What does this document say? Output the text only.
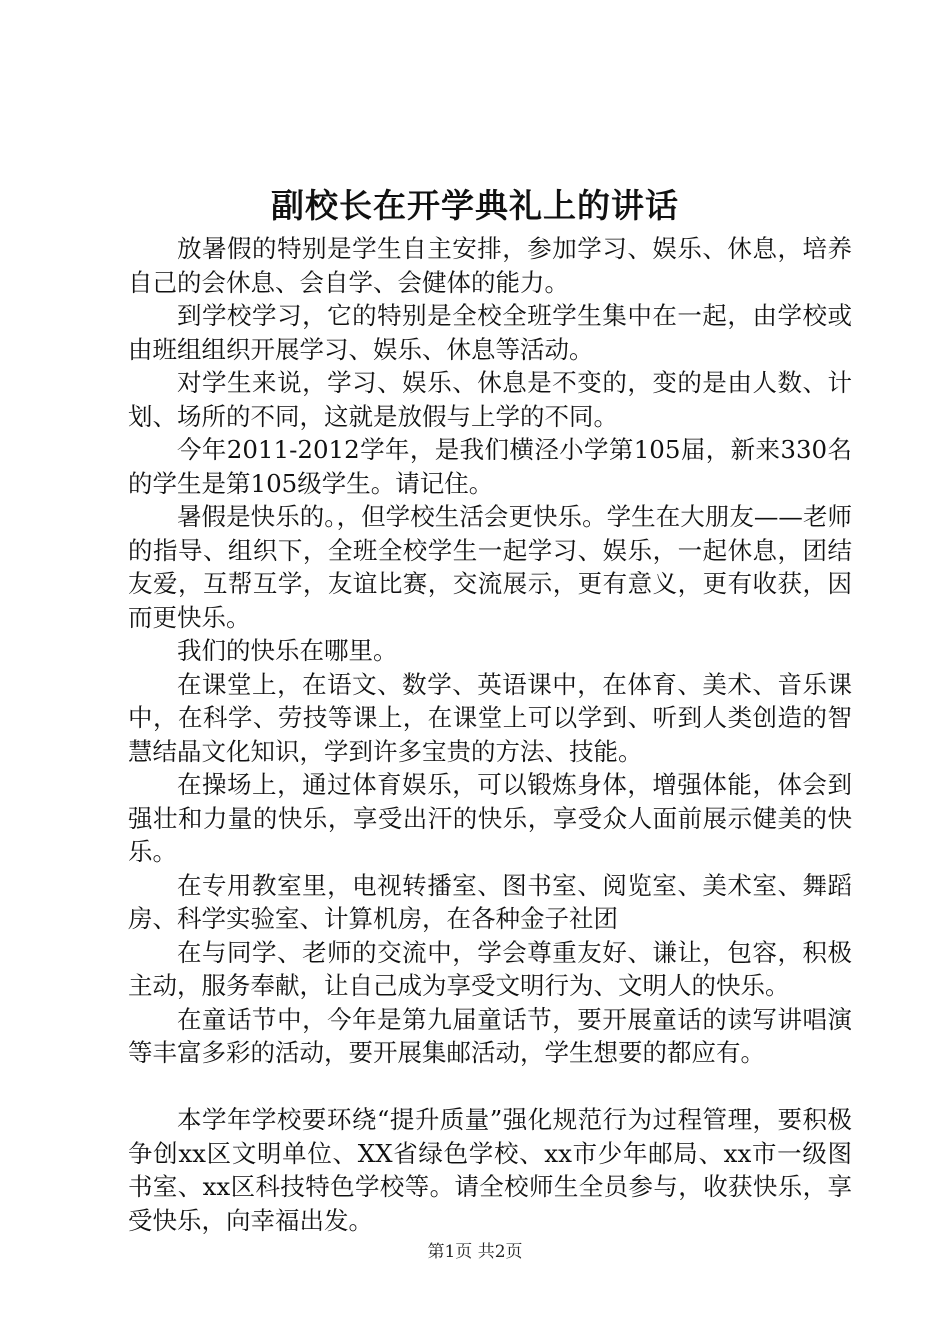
副校长在开学典礼上的讲话

放暑假的特别是学生自主安排，参加学习、娱乐、休息，培养自己的会休息、会自学、会健体的能力。

到学校学习，它的特别是全校全班学生集中在一起，由学校或由班组组织开展学习、娱乐、休息等活动。

对学生来说，学习、娱乐、休息是不变的，变的是由人数、计划、场所的不同，这就是放假与上学的不同。

今年2011-2012学年，是我们横泾小学第105届，新来330名的学生是第105级学生。请记住。

暑假是快乐的。，但学校生活会更快乐。学生在大朋友——老师的指导、组织下，全班全校学生一起学习、娱乐，一起休息，团结友爱，互帮互学，友谊比赛，交流展示，更有意义，更有收获，因而更快乐。

我们的快乐在哪里。

在课堂上，在语文、数学、英语课中，在体育、美术、音乐课中，在科学、劳技等课上，在课堂上可以学到、听到人类创造的智慧结晶文化知识，学到许多宝贵的方法、技能。

在操场上，通过体育娱乐，可以锻炼身体，增强体能，体会到强壮和力量的快乐，享受出汗的快乐，享受众人面前展示健美的快乐。

在专用教室里，电视转播室、图书室、阅览室、美术室、舞蹈房、科学实验室、计算机房，在各种金子社团

在与同学、老师的交流中，学会尊重友好、谦让，包容，积极主动，服务奉献，让自己成为享受文明行为、文明人的快乐。

在童话节中，今年是第九届童话节，要开展童话的读写讲唱演等丰富多彩的活动，要开展集邮活动，学生想要的都应有。

本学年学校要环绕“提升质量”强化规范行为过程管理，要积极争创xx区文明单位、XX省绿色学校、xx市少年邮局、xx市一级图书室、xx区科技特色学校等。请全校师生全员参与，收获快乐，享受快乐，向幸福出发。

第1页 共2页
